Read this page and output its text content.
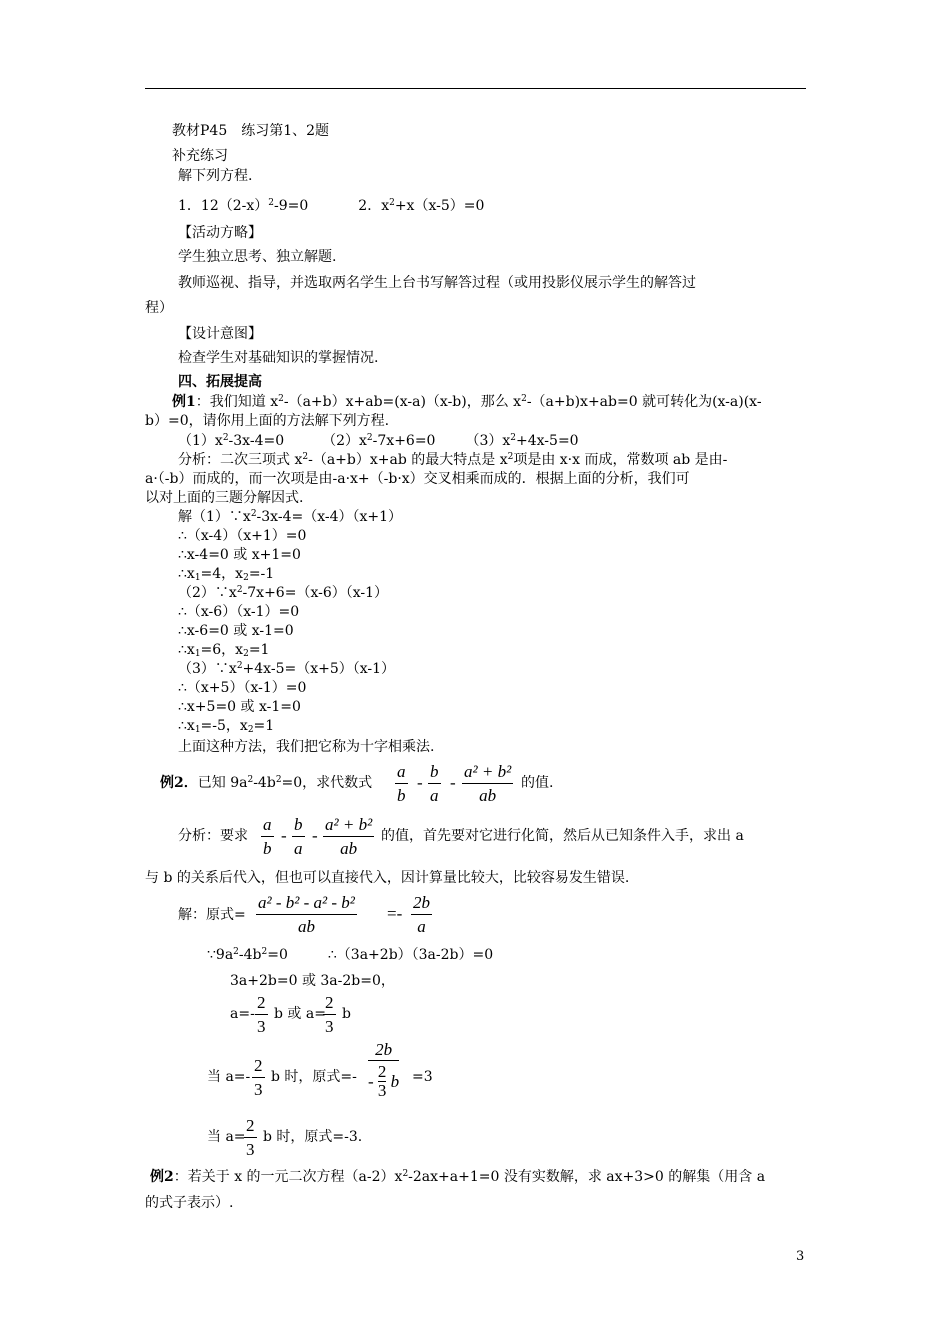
教材P45　练习第1、2题
补充练习
解下列方程.
1．$12(2-x)^2-9=0$	2．$x^2+x(x-5)=0$
【活动方略】
学生独立思考、独立解题.
教师巡视、指导，并选取两名学生上台书写解答过程（或用投影仪展示学生的解答过
程）
【设计意图】
检查学生对基础知识的掌握情况.
四、拓展提高
例1：我们知道 $x^2-(a+b)x+ab=(x-a)(x-b)$，那么 $x^2-(a+b)x+ab=0$ 就可转化为(x-a)(x-
b）=0，请你用上面的方法解下列方程.
$(1)x^2-3x-4=0$	$(2)x^2-7x+6=0$ $(3)x^2+4x-5=0$
分析：二次三项式 $x^2-(a+b)x+ab$ 的最大特点是 $x^2$项是由 x·x 而成，常数项 ab 是由-
a·（-b）而成的，而一次项是由-a·x+（-b·x）交叉相乘而成的．根据上面的分析，我们可
以对上面的三题分解因式.
解$(1)\because x^2-3x-4=(x-4)(x+1)$
∴（x-4）（x+1）=0
∴x-4=0 或 x+1=0
$\therefore x_1=4$，$x_2=-1$
$(2)\because x^2-7x+6=(x-6)(x-1)$
∴（x-6）（x-1）=0
∴x-6=0 或 x-1=0
$\therefore x_1=6$，$x_2=1$
$(3)\because x^2+4x-5=(x+5)(x-1)$
∴（x+5）（x-1）=0
∴x+5=0 或 x-1=0
$\therefore x_1=-5$，$x_2=1$
上面这种方法，我们把它称为十字相乘法.
例2．已知 $9a^2-4b^2=0$，求代数式
a
b
-
b
a
-
a² + b²
ab
的值.
分析：要求
a
b
-
b
a
-
a² + b²
ab
的值，首先要对它进行化简，然后从已知条件入手，求出 a
与 b 的关系后代入，但也可以直接代入，因计算量比较大，比较容易发生错误.
解：原式=
a² - b² - a² - b²
ab
=-
2b
a
$\because 9a^2-4b^2=0$	∴（3a+2b）（3a-2b）=0
3a+2b=0 或 3a-2b=0，
a=-
2
3
b 或 a=
2
3
b
当 a=-
2
3
b 时，原式=-
2b
- $\frac{2}{3}$ b =3
当 a=
2
3
b 时，原式=-3.
例2：若关于 x 的一元二次方程$(a-2)x^2-2ax+a+1=0$ 没有实数解，求 ax+3>0 的解集（用含 a
的式子表示）.
3
